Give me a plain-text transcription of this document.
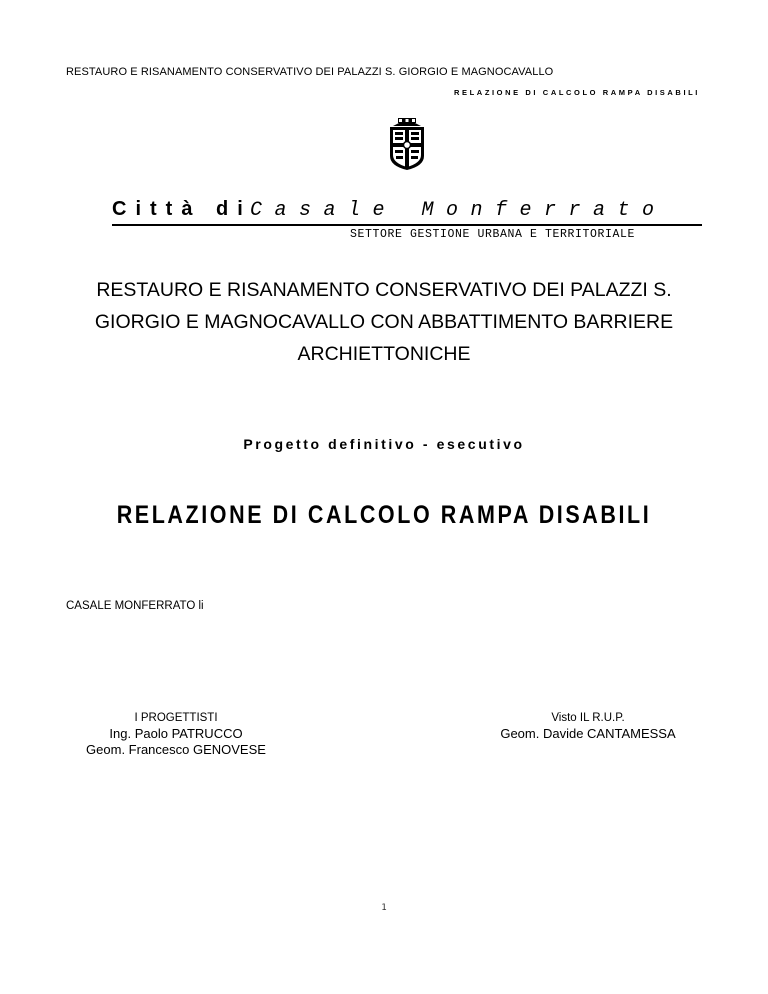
RESTAURO E RISANAMENTO CONSERVATIVO DEI PALAZZI S. GIORGIO E MAGNOCAVALLO
RELAZIONE DI CALCOLO RAMPA DISABILI
Città di
Casale Monferrato
SETTORE GESTIONE URBANA E TERRITORIALE
RESTAURO E RISANAMENTO CONSERVATIVO DEI PALAZZI S.
GIORGIO E MAGNOCAVALLO CON ABBATTIMENTO BARRIERE
ARCHIETTONICHE
Progetto definitivo - esecutivo
RELAZIONE DI CALCOLO RAMPA DISABILI
CASALE MONFERRATO li
I PROGETTISTI
Ing. Paolo PATRUCCO
Geom. Francesco GENOVESE
Visto IL R.U.P.
Geom. Davide CANTAMESSA
1
